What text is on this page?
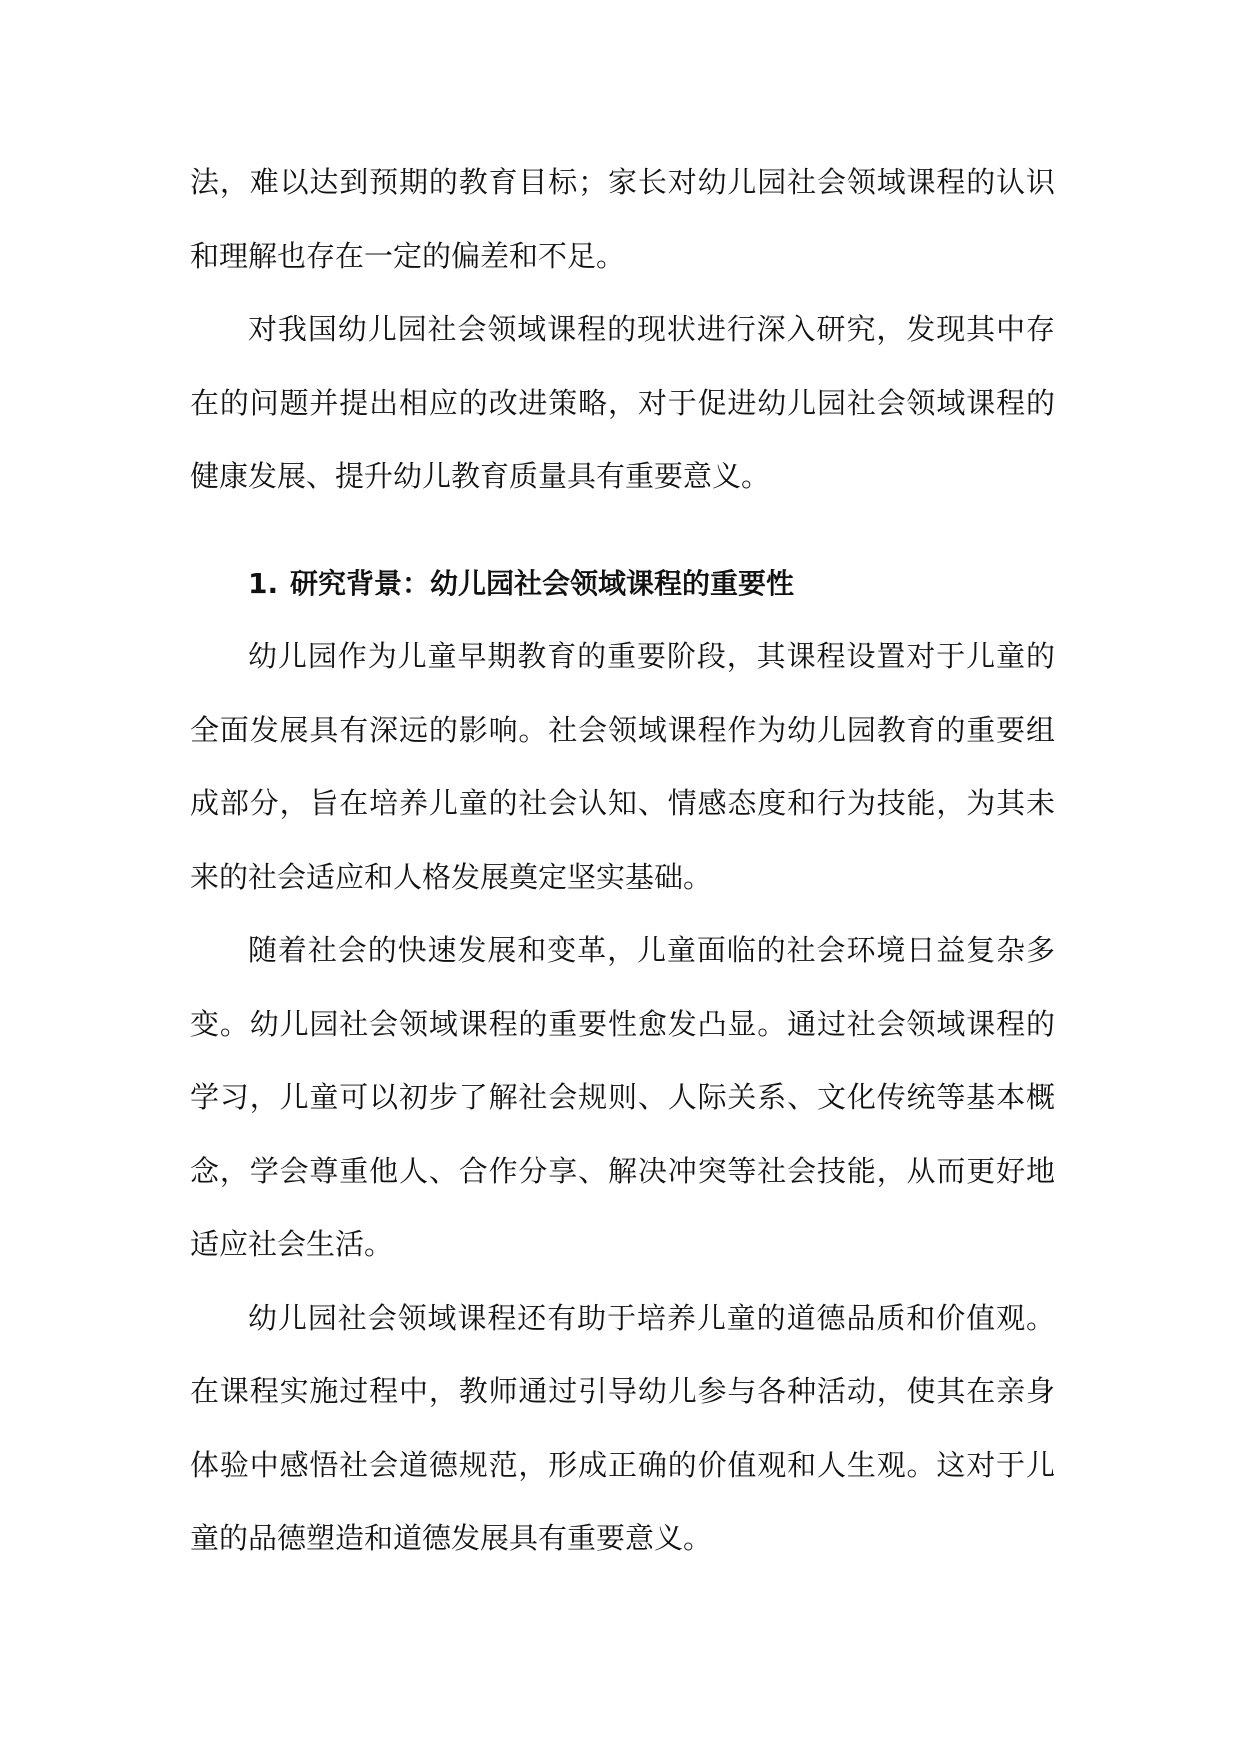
法，难以达到预期的教育目标；家长对幼儿园社会领域课程的认识和理解也存在一定的偏差和不足。

对我国幼儿园社会领域课程的现状进行深入研究，发现其中存在的问题并提出相应的改进策略，对于促进幼儿园社会领域课程的健康发展、提升幼儿教育质量具有重要意义。

1. 研究背景：幼儿园社会领域课程的重要性

幼儿园作为儿童早期教育的重要阶段，其课程设置对于儿童的全面发展具有深远的影响。社会领域课程作为幼儿园教育的重要组成部分，旨在培养儿童的社会认知、情感态度和行为技能，为其未来的社会适应和人格发展奠定坚实基础。

随着社会的快速发展和变革，儿童面临的社会环境日益复杂多变。幼儿园社会领域课程的重要性愈发凸显。通过社会领域课程的学习，儿童可以初步了解社会规则、人际关系、文化传统等基本概念，学会尊重他人、合作分享、解决冲突等社会技能，从而更好地适应社会生活。

幼儿园社会领域课程还有助于培养儿童的道德品质和价值观。在课程实施过程中，教师通过引导幼儿参与各种活动，使其在亲身体验中感悟社会道德规范，形成正确的价值观和人生观。这对于儿童的品德塑造和道德发展具有重要意义。
